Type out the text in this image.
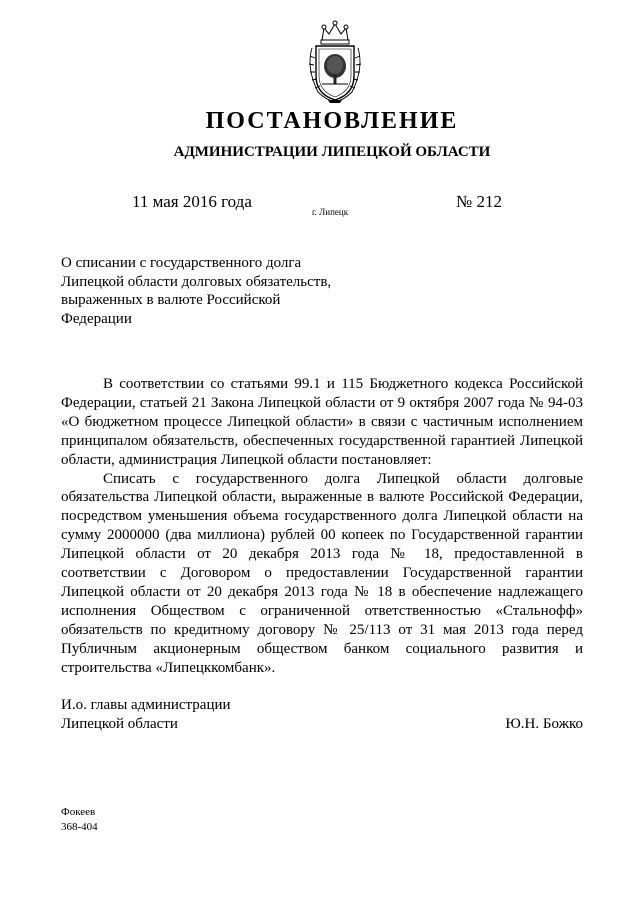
ПОСТАНОВЛЕНИЕ
АДМИНИСТРАЦИИ ЛИПЕЦКОЙ ОБЛАСТИ
11 мая 2016 года
г. Липецк
№ 212
О списании с государственного долга
Липецкой области долговых обязательств,
выраженных в валюте Российской
Федерации

В соответствии со статьями 99.1 и 115 Бюджетного кодекса Российской Федерации, статьей 21 Закона Липецкой области от 9 октября 2007 года № 94-03 «О бюджетном процессе Липецкой области» в связи с частичным исполнением принципалом обязательств, обеспеченных государственной гарантией Липецкой области, администрация Липецкой области постановляет:

Списать с государственного долга Липецкой области долговые обязательства Липецкой области, выраженные в валюте Российской Федерации, посредством уменьшения объема государственного долга Липецкой области на сумму 2000000 (два миллиона) рублей 00 копеек по Государственной гарантии Липецкой области от 20 декабря 2013 года № 18, предоставленной в соответствии с Договором о предоставлении Государственной гарантии Липецкой области от 20 декабря 2013 года № 18 в обеспечение надлежащего исполнения Обществом с ограниченной ответственностью «Стальнофф» обязательств по кредитному договору № 25/113 от 31 мая 2013 года перед Публичным акционерным обществом банком социального развития и строительства «Липецккомбанк».

И.о. главы администрации
Липецкой области	Ю.Н. Божко
Фокеев
368-404
